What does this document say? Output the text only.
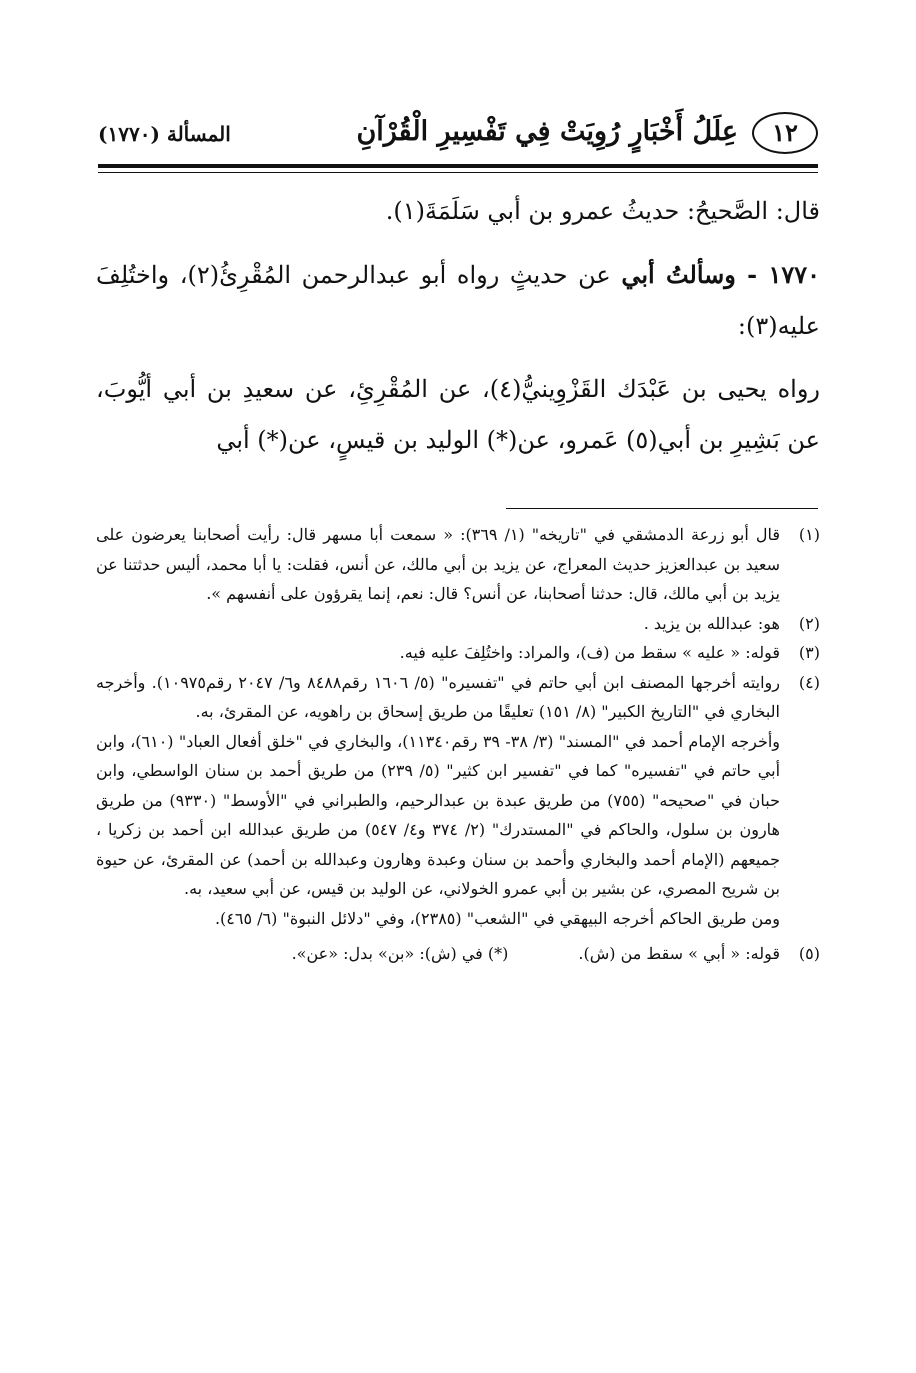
١٢
عِلَلُ أَخْبَارٍ رُوِيَتْ فِي تَفْسِيرِ الْقُرْآنِ
المسألة (١٧٧٠)

قال: الصَّحيحُ: حديثُ عمرو بن أبي سَلَمَةَ(١).

١٧٧٠ - وسألتُ أبي عن حديثٍ رواه أبو عبدالرحمن المُقْرِئُ(٢)، واختُلِفَ عليه(٣):

رواه يحيى بن عَبْدَك القَزْوِينيُّ(٤)، عن المُقْرِئِ، عن سعيدِ بن أبي أيُّوبَ، عن بَشِيرِ بن أبي(٥) عَمرو، عن(*) الوليد بن قيسٍ، عن(*) أبي

(١)
قال أبو زرعة الدمشقي في "تاريخه" (١/ ٣٦٩): « سمعت أبا مسهر قال: رأيت أصحابنا يعرضون على سعيد بن عبدالعزيز حديث المعراج، عن يزيد بن أبي مالك، عن أنس، فقلت: يا أبا محمد، أليس حدثتنا عن يزيد بن أبي مالك، قال: حدثنا أصحابنا، عن أنس؟ قال: نعم، إنما يقرؤون على أنفسهم ».
(٢)
هو: عبدالله بن يزيد .
(٣)
قوله: « عليه » سقط من (ف)، والمراد: واختُلِفَ عليه فيه.
(٤)
روايته أخرجها المصنف ابن أبي حاتم في "تفسيره" (٥/ ١٦٠٦ رقم٨٤٨٨ و٦/ ٢٠٤٧ رقم١٠٩٧٥). وأخرجه البخاري في "التاريخ الكبير" (٨/ ١٥١) تعليقًا من طريق إسحاق بن راهويه، عن المقرئ، به.
وأخرجه الإمام أحمد في "المسند" (٣/ ٣٨- ٣٩ رقم١١٣٤٠)، والبخاري في "خلق أفعال العباد" (٦١٠)، وابن أبي حاتم في "تفسيره" كما في "تفسير ابن كثير" (٥/ ٢٣٩) من طريق أحمد بن سنان الواسطي، وابن حبان في "صحيحه" (٧٥٥) من طريق عبدة بن عبدالرحيم، والطبراني في "الأوسط" (٩٣٣٠) من طريق هارون بن سلول، والحاكم في "المستدرك" (٢/ ٣٧٤ و٤/ ٥٤٧) من طريق عبدالله ابن أحمد بن زكريا ، جميعهم (الإمام أحمد والبخاري وأحمد بن سنان وعبدة وهارون وعبدالله بن أحمد) عن المقرئ، عن حيوة بن شريح المصري، عن بشير بن أبي عمرو الخولاني، عن الوليد بن قيس، عن أبي سعيد، به.
ومن طريق الحاكم أخرجه البيهقي في "الشعب" (٢٣٨٥)، وفي "دلائل النبوة" (٦/ ٤٦٥).
(٥)
قوله: « أبي » سقط من (ش).
(*) في (ش): «بن» بدل: «عن».
